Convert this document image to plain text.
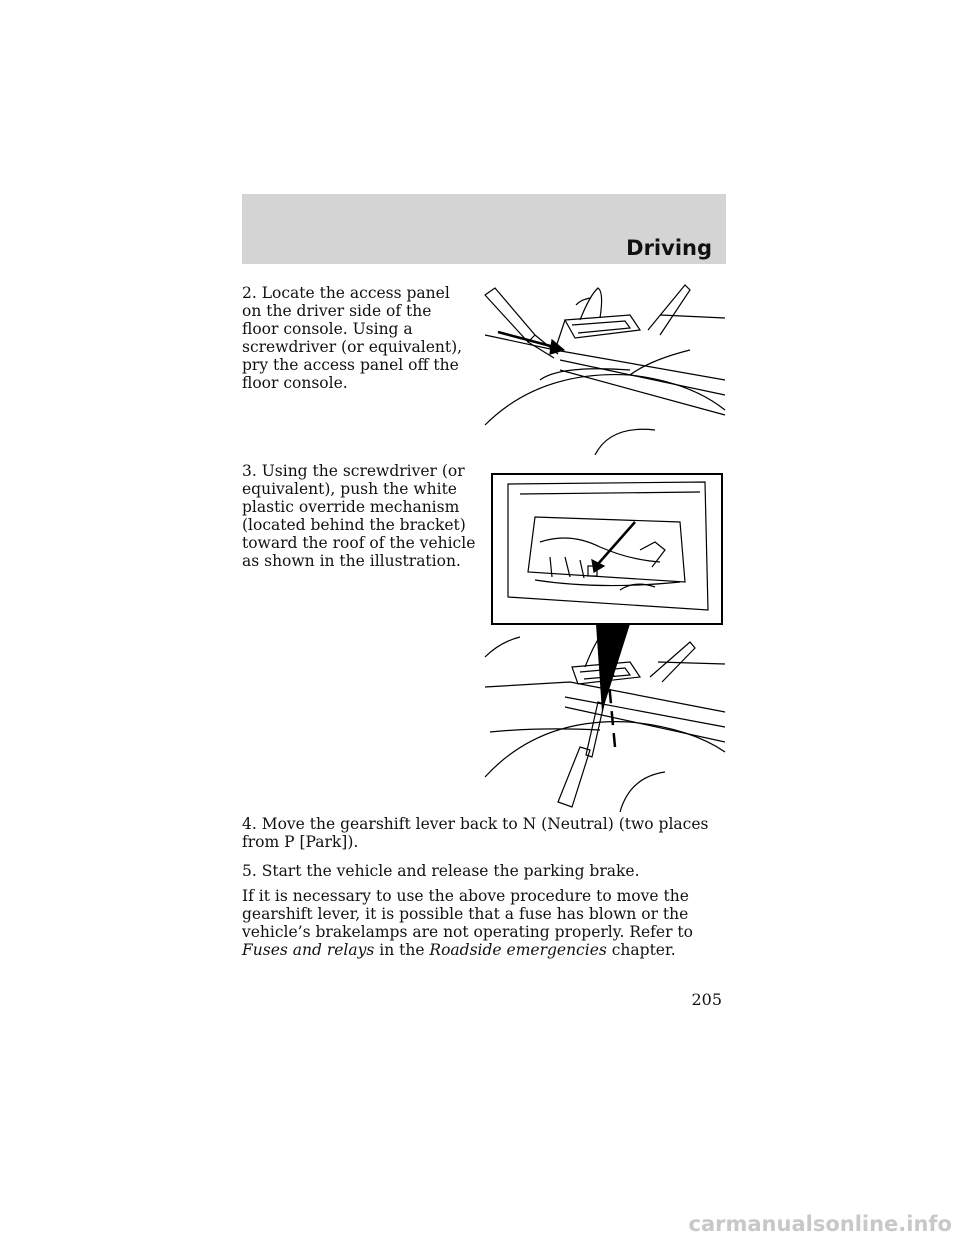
Driving

2. Locate the access panel on the driver side of the floor console. Using a screwdriver (or equivalent), pry the access panel off the floor console.

3. Using the screwdriver (or equivalent), push the white plastic override mechanism (located behind the bracket) toward the roof of the vehicle as shown in the illustration.

4. Move the gearshift lever back to N (Neutral) (two places from P [Park]).

5. Start the vehicle and release the parking brake.

If it is necessary to use the above procedure to move the gearshift lever, it is possible that a fuse has blown or the vehicle’s brakelamps are not operating properly. Refer to Fuses and relays in the Roadside emergencies chapter.

205
carmanualsonline.info
